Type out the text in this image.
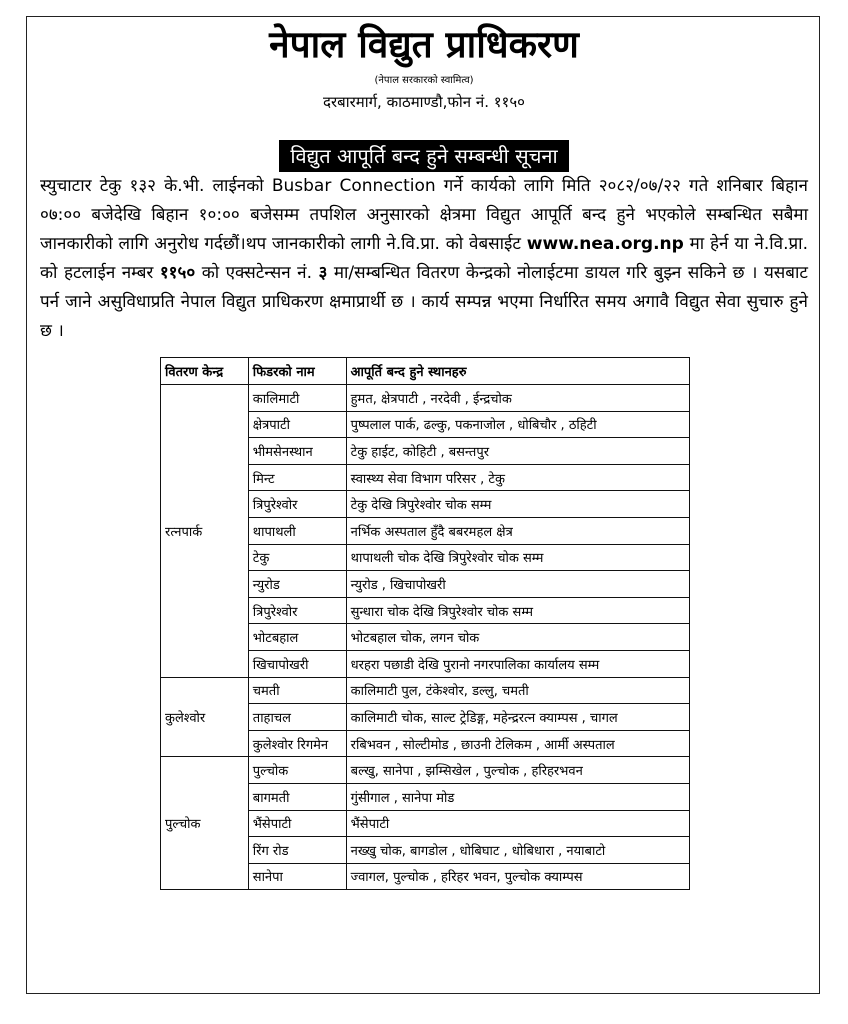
नेपाल विद्युत प्राधिकरण
(नेपाल सरकारको स्वामित्व)
दरबारमार्ग, काठमाण्डौ,फोन नं. ११५०
विद्युत आपूर्ति बन्द हुने सम्बन्धी सूचना
स्युचाटार टेकु १३२ के.भी. लाईनको Busbar Connection गर्ने कार्यको लागि मिति २०८२/०७/२२ गते शनिबार बिहान ०७:०० बजेदेखि बिहान १०:०० बजेसम्म तपशिल अनुसारको क्षेत्रमा विद्युत आपूर्ति बन्द हुने भएकोले सम्बन्धित सबैमा जानकारीको लागि अनुरोध गर्दछौं।थप जानकारीको लागी ने.वि.प्रा. को वेबसाईट www.nea.org.np मा हेर्न या ने.वि.प्रा. को हटलाईन नम्बर ११५० को एक्सटेन्सन नं. ३ मा/सम्बन्धित वितरण केन्द्रको नोलाईटमा डायल गरि बुझ्न सकिने छ । यसबाट पर्न जाने असुविधाप्रति नेपाल विद्युत प्राधिकरण क्षमाप्रार्थी छ । कार्य सम्पन्न भएमा निर्धारित समय अगावै विद्युत सेवा सुचारु हुने छ ।
वितरण केन्द्र	फिडरको नाम	आपूर्ति बन्द हुने स्थानहरु
रत्नपार्क	कालिमाटी	हुमत, क्षेत्रपाटी , नरदेवी , ईन्द्रचोक
	क्षेत्रपाटी	पुष्पलाल पार्क, ढल्कु, पकनाजोल , धोबिचौर , ठहिटी
	भीमसेनस्थान	टेकु हाईट, कोहिटी , बसन्तपुर
	मिन्ट	स्वास्थ्य सेवा विभाग परिसर , टेकु
	त्रिपुरेश्वोर	टेकु देखि त्रिपुरेश्वोर चोक सम्म
	थापाथली	नर्भिक अस्पताल हुँदै बबरमहल क्षेत्र
	टेकु	थापाथली चोक देखि त्रिपुरेश्वोर चोक सम्म
	न्युरोड	न्युरोड , खिचापोखरी
	त्रिपुरेश्वोर	सुन्धारा चोक देखि त्रिपुरेश्वोर चोक सम्म
	भोटबहाल	भोटबहाल चोक, लगन चोक
	खिचापोखरी	धरहरा पछाडी देखि पुरानो नगरपालिका कार्यालय सम्म
कुलेश्वोर	चमती	कालिमाटी पुल, टंकेश्वोर, डल्लु, चमती
	ताहाचल	कालिमाटी चोक, साल्ट ट्रेडिङ्ग, महेन्द्ररत्न क्याम्पस , चागल
	कुलेश्वोर रिगमेन	रबिभवन , सोल्टीमोड , छाउनी टेलिकम , आर्मी अस्पताल
पुल्चोक	पुल्चोक	बल्खु, सानेपा , झम्सिखेल , पुल्चोक , हरिहरभवन
	बागमती	गुंसीगाल , सानेपा मोड
	भैंसेपाटी	भैंसेपाटी
	रिंग रोड	नख्खु चोक, बागडोल , धोबिघाट , धोबिधारा , नयाबाटो
	सानेपा	ज्वागल, पुल्चोक , हरिहर भवन, पुल्चोक क्याम्पस
